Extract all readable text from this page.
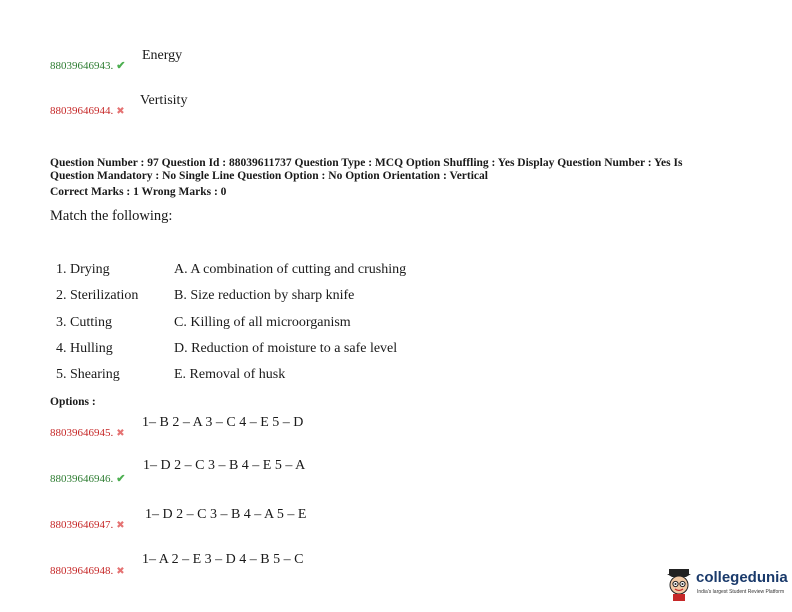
Energy
88039646943. ✔
Vertisity
88039646944. ✖
Question Number : 97 Question Id : 88039611737 Question Type : MCQ Option Shuffling : Yes Display Question Number : Yes Is
Question Mandatory : No Single Line Question Option : No Option Orientation : Vertical
Correct Marks : 1 Wrong Marks : 0
Match the following:
1. Drying	A. A combination of cutting and crushing
2. Sterilization	B. Size reduction by sharp knife
3. Cutting	C. Killing of all microorganism
4. Hulling	D. Reduction of moisture to a safe level
5. Shearing	E. Removal of husk
Options :
1– B 2 – A 3 – C 4 – E 5 – D
88039646945. ✖
1– D 2 – C 3 – B 4 – E 5 – A
88039646946. ✔
1– D 2 – C 3 – B 4 – A 5 – E
88039646947. ✖
1– A 2 – E 3 – D 4 – B 5 – C
88039646948. ✖	collegedunia
India's largest Student Review Platform
